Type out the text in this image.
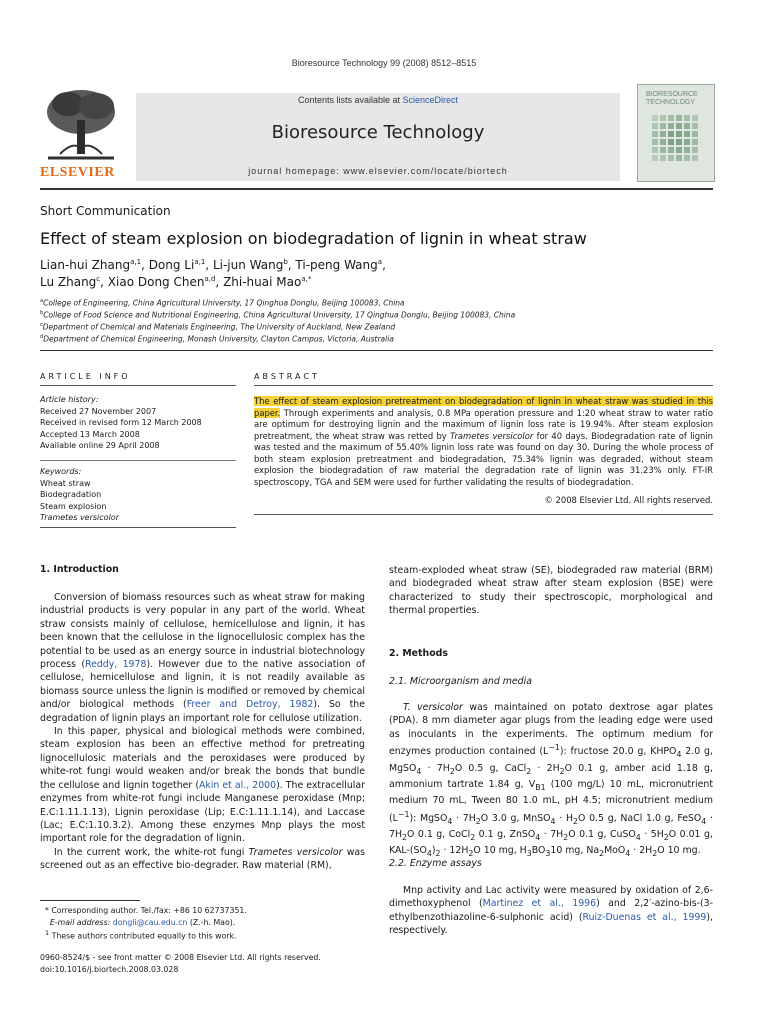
Bioresource Technology 99 (2008) 8512–8515
ELSEVIER
Contents lists available at ScienceDirect
Bioresource Technology
journal homepage: www.elsevier.com/locate/biortech
BIORESOURCE
TECHNOLOGY
Short Communication
Effect of steam explosion on biodegradation of lignin in wheat straw
Lian-hui Zhang$^{a,1}$, Dong Li$^{a,1}$, Li-jun Wang$^b$, Ti-peng Wang$^a$,
Lu Zhang$^c$, Xiao Dong Chen$^{a,d}$, Zhi-huai Mao$^{a,*}$
$^a$College of Engineering, China Agricultural University, 17 Qinghua Donglu, Beijing 100083, China
$^b$College of Food Science and Nutritional Engineering, China Agricultural University, 17 Qinghua Donglu, Beijing 100083, China
$^c$Department of Chemical and Materials Engineering, The University of Auckland, New Zealand
$^d$Department of Chemical Engineering, Monash University, Clayton Campus, Victoria, Australia
ARTICLE INFO	ABSTRACT
Article history:
Received 27 November 2007
Received in revised form 12 March 2008
Accepted 13 March 2008
Available online 29 April 2008
Keywords:
Wheat straw
Biodegradation
Steam explosion
Trametes versicolor
The effect of steam explosion pretreatment on biodegradation of lignin in wheat straw was studied in this paper. Through experiments and analysis, 0.8 MPa operation pressure and 1:20 wheat straw to water ratio are optimum for destroying lignin and the maximum of lignin loss rate is 19.94%. After steam explosion pretreatment, the wheat straw was retted by Trametes versicolor for 40 days. Biodegradation rate of lignin was tested and the maximum of 55.40% lignin loss rate was found on day 30. During the whole process of both steam explosion pretreatment and biodegradation, 75.34% lignin was degraded, without steam explosion the biodegradation of raw material the degradation rate of lignin was 31.23% only. FT-IR spectroscopy, TGA and SEM were used for further validating the results of biodegradation.
© 2008 Elsevier Ltd. All rights reserved.
1. Introduction

Conversion of biomass resources such as wheat straw for making industrial products is very popular in any part of the world. Wheat straw consists mainly of cellulose, hemicellulose and lignin, it has been known that the cellulose in the lignocellulosic complex has the potential to be used as an energy source in industrial biotechnology process (Reddy, 1978). However due to the native association of cellulose, hemicellulose and lignin, it is not readily available as biomass source unless the lignin is modified or removed by chemical and/or biological methods (Freer and Detroy, 1982). So the degradation of lignin plays an important role for cellulose utilization.

In this paper, physical and biological methods were combined, steam explosion has been an effective method for pretreating lignocellulosic materials and the peroxidases were produced by white-rot fungi would weaken and/or break the bonds that bundle the cellulose and lignin together (Akin et al., 2000). The extracellular enzymes from white-rot fungi include Manganese peroxidase (Mnp; E.C:1.11.1.13), Lignin peroxidase (Lip; E.C:1.11.1.14), and Laccase (Lac; E.C:1.10.3.2). Among these enzymes Mnp plays the most important role for the degradation of lignin.

In the current work, the white-rot fungi Trametes versicolor was screened out as an effective bio-degrader. Raw material (RM),

steam-exploded wheat straw (SE), biodegraded raw material (BRM) and biodegraded wheat straw after steam explosion (BSE) were characterized to study their spectroscopic, morphological and thermal properties.
2. Methods
2.1. Microorganism and media

T. versicolor was maintained on potato dextrose agar plates (PDA). 8 mm diameter agar plugs from the leading edge were used as inoculants in the experiments. The optimum medium for enzymes production contained $(L^{-1})$: fructose 20.0 g, $KHPO_4$ 2.0 g, MgSO$_4$ · $7H_2O$ 0.5 g, CaCl$_2$ · $2H_2O$ 0.1 g, amber acid 1.18 g, ammonium tartrate 1.84 g, $V_{B1}$ (100 mg/L) 10 mL, micronutrient medium 70 mL, Tween 80 1.0 mL, pH 4.5; micronutrient medium $(L^{-1})$: MgSO$_4$ · $7H_2O$ 3.0 g, MnSO$_4$ · $H_2O$ 0.5 g, NaCl 1.0 g, FeSO$_4$ · $7H_2O$ 0.1 g, CoCl$_2$ 0.1 g, ZnSO$_4$ · $7H_2O$ 0.1 g, CuSO$_4$ · $5H_2O$ 0.01 g, KAL-$(SO_4)_2 \cdot 12H_2O$ 10 mg, $H_3BO_310$ mg, $Na_2MoO_4 \cdot 2H_2O$ 10 mg.

2.2. Enzyme assays

Mnp activity and Lac activity were measured by oxidation of 2,6-dimethoxyphenol (Martinez et al., 1996) and 2,2′-azino-bis-(3-ethylbenzothiazoline-6-sulphonic acid) (Ruiz-Duenas et al., 1999), respectively.

* Corresponding author. Tel./fax: +86 10 62737351.
E-mail address: dongli@cau.edu.cn (Z.-h. Mao).
$^1$ These authors contributed equally to this work.
0960-8524/$ - see front matter © 2008 Elsevier Ltd. All rights reserved.
doi:10.1016/j.biortech.2008.03.028
